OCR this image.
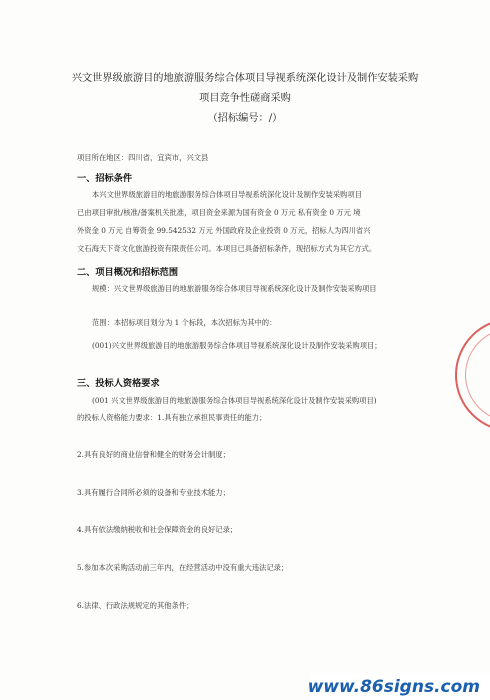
兴文世界级旅游目的地旅游服务综合体项目导视系统深化设计及制作安装采购
项目竞争性磋商采购
（招标编号：/）
项目所在地区：四川省，宜宾市，兴文县
一、招标条件
本兴文世界级旅游目的地旅游服务综合体项目导视系统深化设计及制作安装采购项目
已由项目审批/核准/备案机关批准，项目资金来源为国有资金 0 万元 私有资金 0 万元 境
外资金 0 万元 自筹资金 99.542532 万元 外国政府及企业投资 0 万元，招标人为四川省兴
文石海天下奇文化旅游投资有限责任公司。本项目已具备招标条件，现招标方式为其它方式。
二、项目概况和招标范围
规模：兴文世界级旅游目的地旅游服务综合体项目导视系统深化设计及制作安装采购项目
范围：本招标项目划分为 1 个标段，本次招标为其中的：
(001)兴文世界级旅游目的地旅游服务综合体项目导视系统深化设计及制作安装采购项目；
三、投标人资格要求
(001 兴文世界级旅游目的地旅游服务综合体项目导视系统深化设计及制作安装采购项目)
的投标人资格能力要求：1.具有独立承担民事责任的能力；
2.具有良好的商业信誉和健全的财务会计制度；
3.具有履行合同所必须的设备和专业技术能力；
4.具有依法缴纳税收和社会保障资金的良好记录；
5.参加本次采购活动前三年内，在经营活动中没有重大违法记录；
6.法律、行政法规规定的其他条件；
www.86signs.com
